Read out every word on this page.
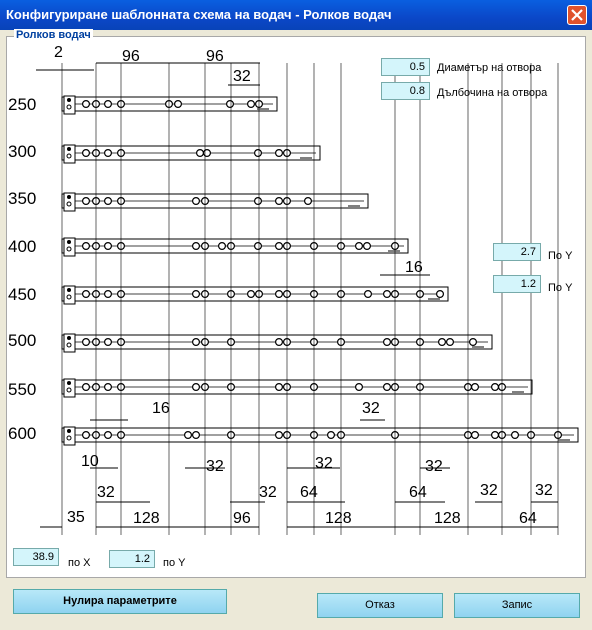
Конфигуриране шаблонната схема на водач - Ролков водач
Ролков водач
250
300
350
400
450
500
550
600
2	96	96
32
16
16	32
10	32	32
32	32 64
32
64	32 32
35	128	96	128	128	64
0.5	Диаметър на отвора
0.8	Дълбочина на отвора
2.7	По Y
1.2	По Y
38.9	по X	1.2	по Y
Нулира параметрите	Отказ	Запис
